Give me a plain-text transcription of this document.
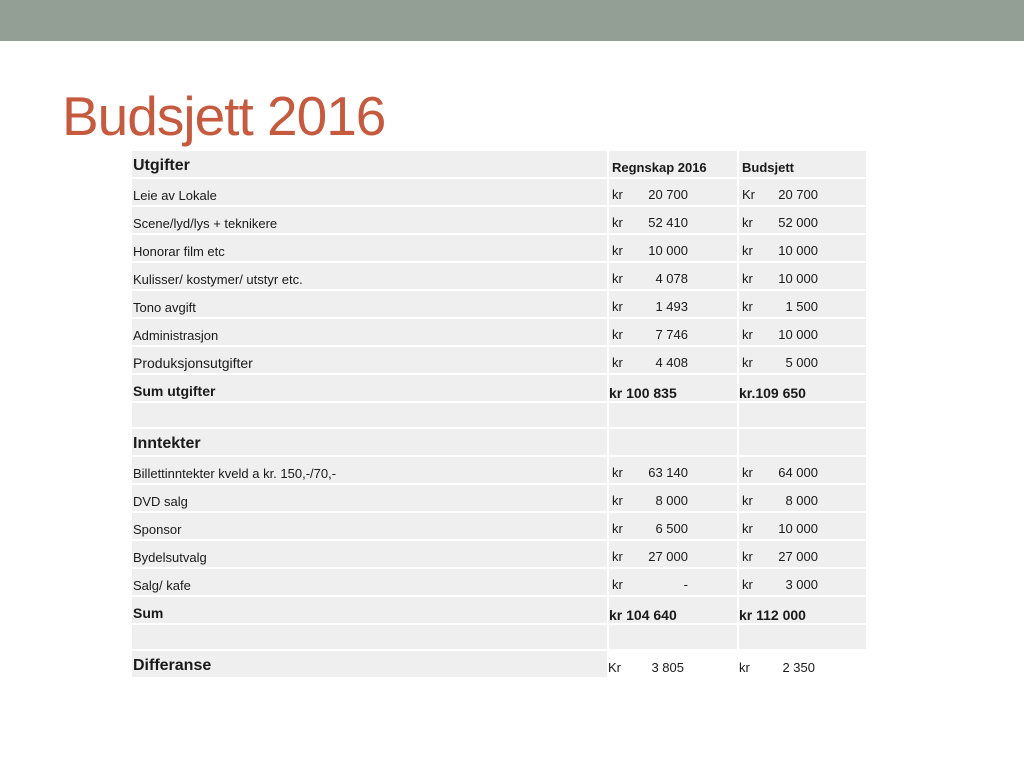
Budsjett 2016
Utgifter	Regnskap 2016	Budsjett
Leie av Lokale	kr 20 700	Kr 20 700

Scene/lyd/lys + teknikere	kr 52 410	kr 52 000

Honorar film etc	kr 10 000	kr 10 000

Kulisser/ kostymer/ utstyr etc.	kr 4 078	kr 10 000

Tono avgift	kr 1 493	kr 1 500

Administrasjon	kr 7 746	kr 10 000

Produksjonsutgifter	kr 4 408	kr 5 000

Sum utgifter	kr 100 835	kr.109 650

Inntekter		
Billettinntekter kveld a kr. 150,-/70,-	kr 63 140	kr 64 000

DVD salg	kr 8 000	kr 8 000

Sponsor	kr 6 500	kr 10 000

Bydelsutvalg	kr 27 000	kr 27 000

Salg/ kafe	kr -	kr 3 000

Sum	kr 104 640	kr 112 000

Differanse	Kr 3 805	kr 2 350
